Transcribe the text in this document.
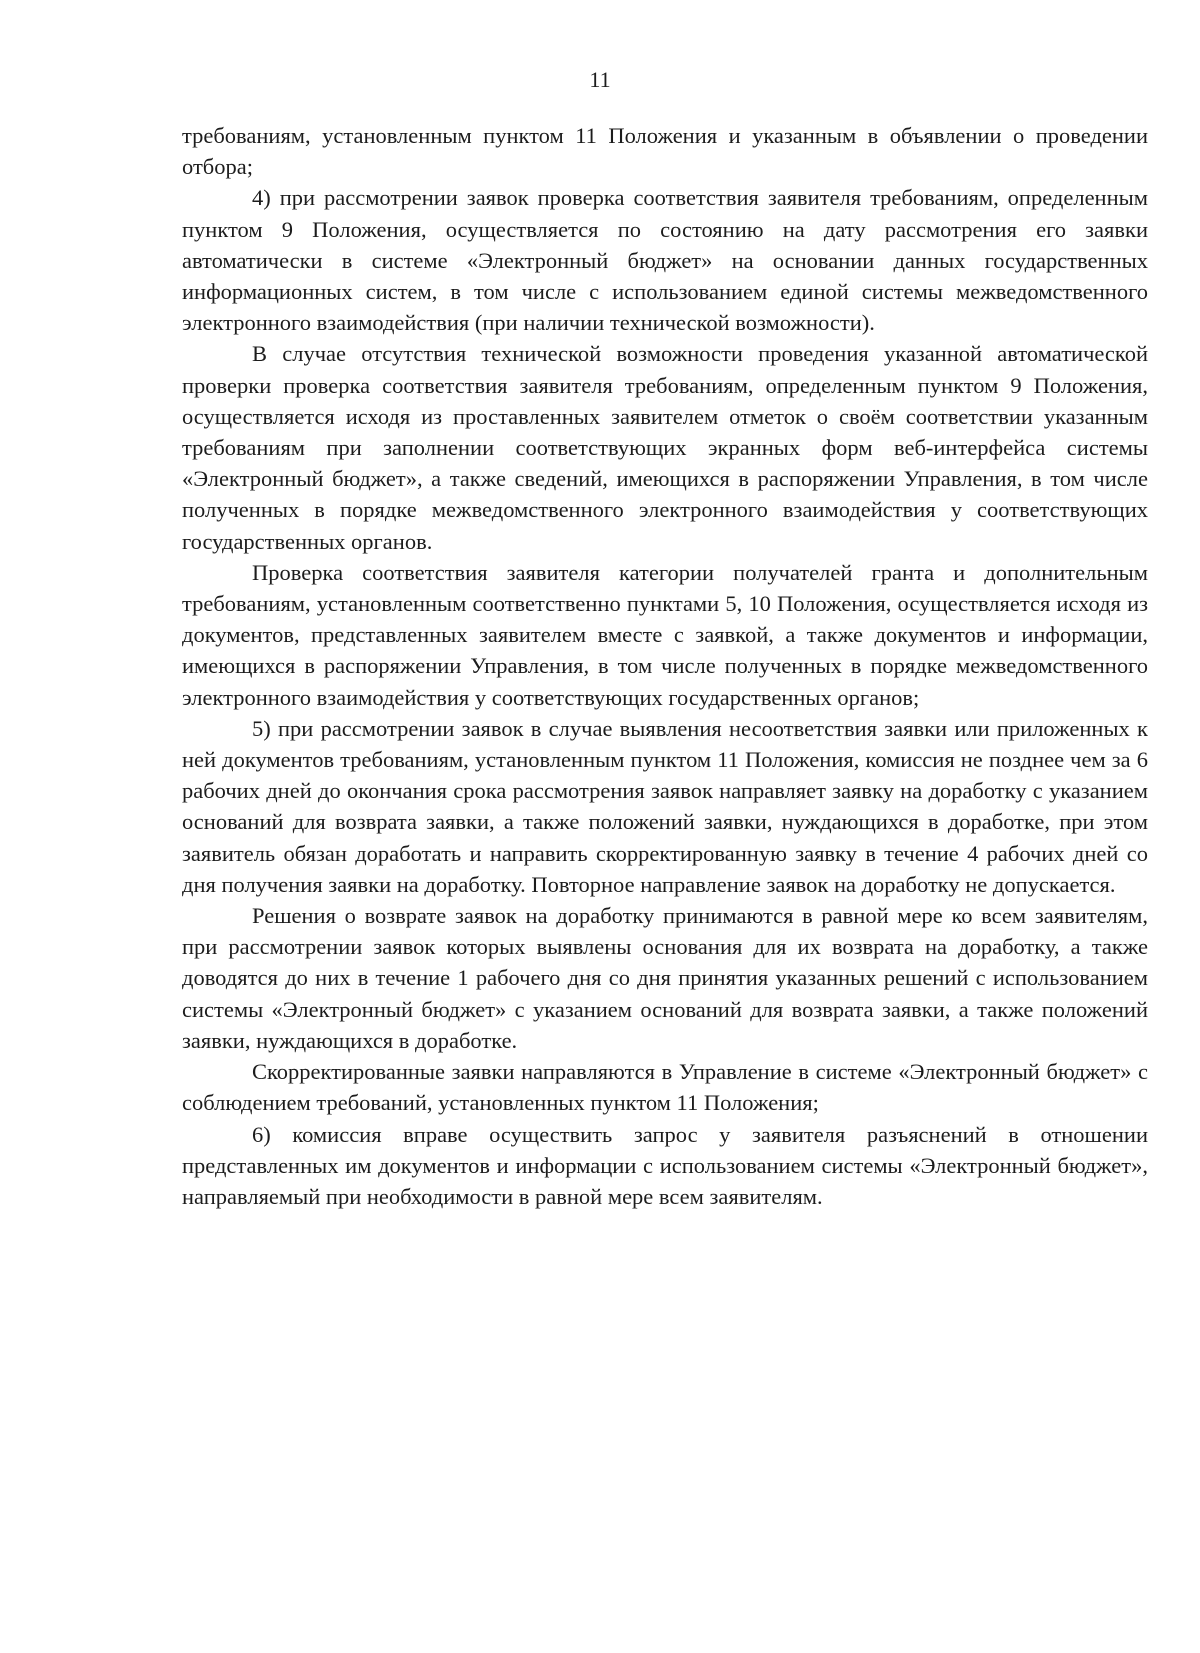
11

требованиям, установленным пунктом 11 Положения и указанным в объявлении о проведении отбора;

4) при рассмотрении заявок проверка соответствия заявителя требованиям, определенным пунктом 9 Положения, осуществляется по состоянию на дату рассмотрения его заявки автоматически в системе «Электронный бюджет» на основании данных государственных информационных систем, в том числе с использованием единой системы межведомственного электронного взаимодействия (при наличии технической возможности).

В случае отсутствия технической возможности проведения указанной автоматической проверки проверка соответствия заявителя требованиям, определенным пунктом 9 Положения, осуществляется исходя из проставленных заявителем отметок о своём соответствии указанным требованиям при заполнении соответствующих экранных форм веб-интерфейса системы «Электронный бюджет», а также сведений, имеющихся в распоряжении Управления, в том числе полученных в порядке межведомственного электронного взаимодействия у соответствующих государственных органов.

Проверка соответствия заявителя категории получателей гранта и дополнительным требованиям, установленным соответственно пунктами 5, 10 Положения, осуществляется исходя из документов, представленных заявителем вместе с заявкой, а также документов и информации, имеющихся в распоряжении Управления, в том числе полученных в порядке межведомственного электронного взаимодействия у соответствующих государственных органов;

5) при рассмотрении заявок в случае выявления несоответствия заявки или приложенных к ней документов требованиям, установленным пунктом 11 Положения, комиссия не позднее чем за 6 рабочих дней до окончания срока рассмотрения заявок направляет заявку на доработку с указанием оснований для возврата заявки, а также положений заявки, нуждающихся в доработке, при этом заявитель обязан доработать и направить скорректированную заявку в течение 4 рабочих дней со дня получения заявки на доработку. Повторное направление заявок на доработку не допускается.

Решения о возврате заявок на доработку принимаются в равной мере ко всем заявителям, при рассмотрении заявок которых выявлены основания для их возврата на доработку, а также доводятся до них в течение 1 рабочего дня со дня принятия указанных решений с использованием системы «Электронный бюджет» с указанием оснований для возврата заявки, а также положений заявки, нуждающихся в доработке.

Скорректированные заявки направляются в Управление в системе «Электронный бюджет» с соблюдением требований, установленных пунктом 11 Положения;

6) комиссия вправе осуществить запрос у заявителя разъяснений в отношении представленных им документов и информации с использованием системы «Электронный бюджет», направляемый при необходимости в равной мере всем заявителям.
